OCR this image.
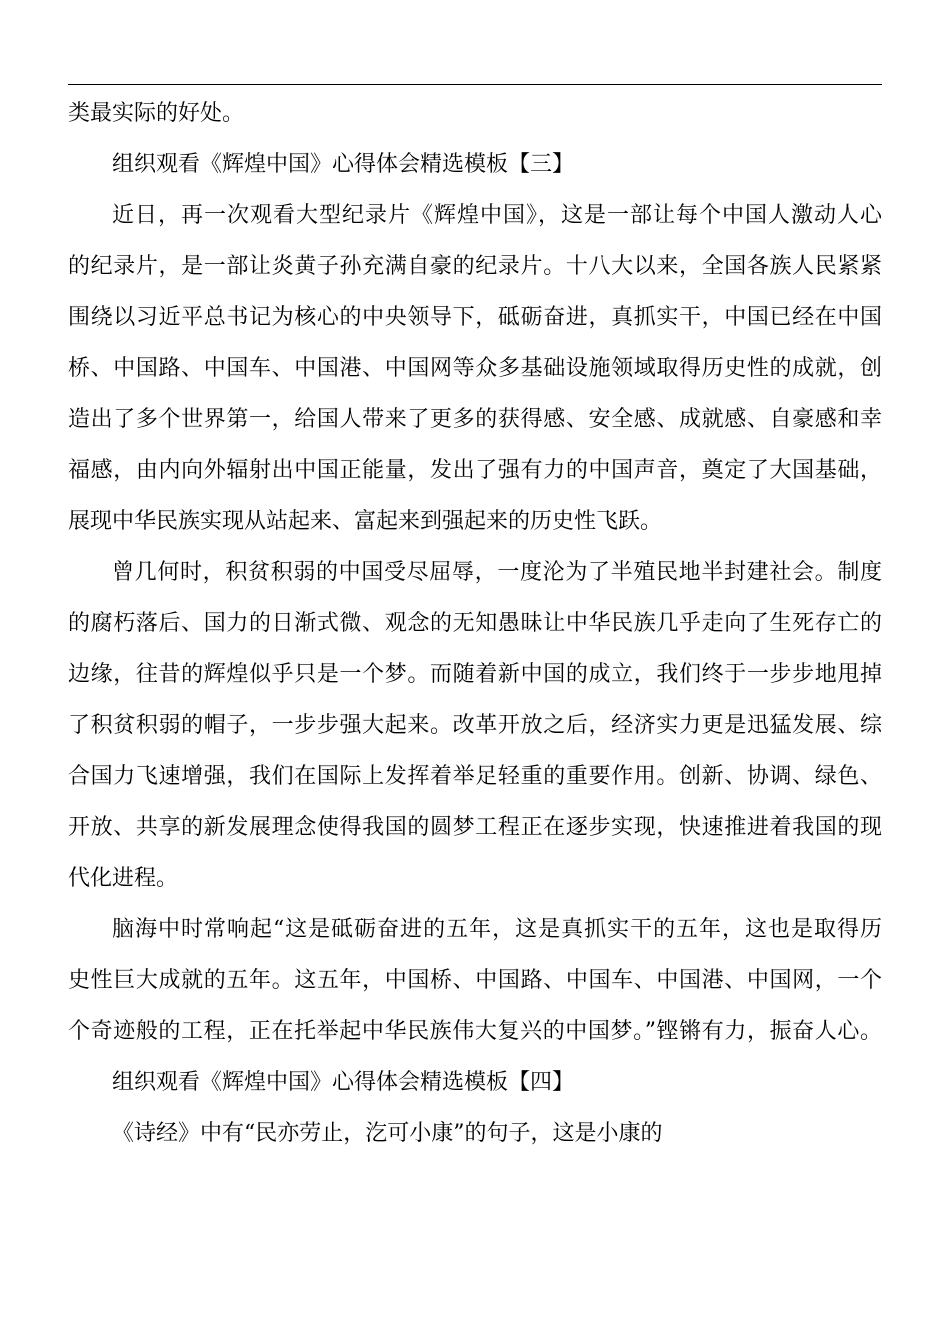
类最实际的好处。
组织观看《辉煌中国》心得体会精选模板【三】
近日，再一次观看大型纪录片《辉煌中国》，这是一部让每个中国人激动人心
的纪录片，是一部让炎黄子孙充满自豪的纪录片。十八大以来，全国各族人民紧紧
围绕以习近平总书记为核心的中央领导下，砥砺奋进，真抓实干，中国已经在中国
桥、中国路、中国车、中国港、中国网等众多基础设施领域取得历史性的成就，创
造出了多个世界第一，给国人带来了更多的获得感、安全感、成就感、自豪感和幸
福感，由内向外辐射出中国正能量，发出了强有力的中国声音，奠定了大国基础，
展现中华民族实现从站起来、富起来到强起来的历史性飞跃。
曾几何时，积贫积弱的中国受尽屈辱，一度沦为了半殖民地半封建社会。制度
的腐朽落后、国力的日渐式微、观念的无知愚昧让中华民族几乎走向了生死存亡的
边缘，往昔的辉煌似乎只是一个梦。而随着新中国的成立，我们终于一步步地甩掉
了积贫积弱的帽子，一步步强大起来。改革开放之后，经济实力更是迅猛发展、综
合国力飞速增强，我们在国际上发挥着举足轻重的重要作用。创新、协调、绿色、
开放、共享的新发展理念使得我国的圆梦工程正在逐步实现，快速推进着我国的现
代化进程。
脑海中时常响起“这是砥砺奋进的五年，这是真抓实干的五年，这也是取得历
史性巨大成就的五年。这五年，中国桥、中国路、中国车、中国港、中国网，一个
个奇迹般的工程，正在托举起中华民族伟大复兴的中国梦。”铿锵有力，振奋人心。
组织观看《辉煌中国》心得体会精选模板【四】
《诗经》中有“民亦劳止，汔可小康”的句子，这是小康的
